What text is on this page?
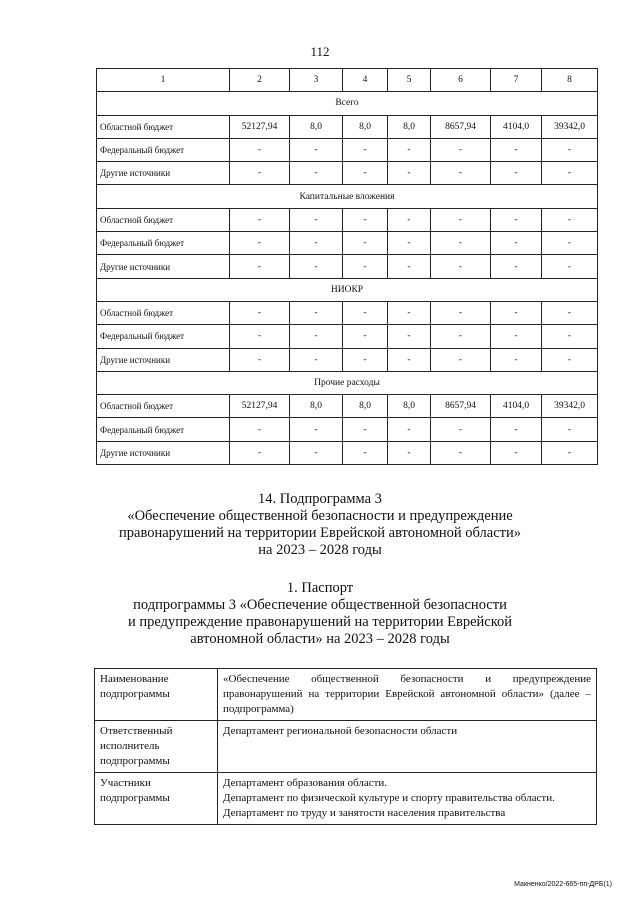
112
1	2	3	4	5	6	7	8
Всего							
Областной бюджет	52127,94	8,0	8,0	8,0	8657,94	4104,0	39342,0
Федеральный бюджет	-	-	-	-	-	-	-
Другие источники	-	-	-	-	-	-	-
Капитальные вложения							
Областной бюджет	-	-	-	-	-	-	-
Федеральный бюджет	-	-	-	-	-	-	-
Другие источники	-	-	-	-	-	-	-
НИОКР							
Областной бюджет	-	-	-	-	-	-	-
Федеральный бюджет	-	-	-	-	-	-	-
Другие источники	-	-	-	-	-	-	-
Прочие расходы							
Областной бюджет	52127,94	8,0	8,0	8,0	8657,94	4104,0	39342,0
Федеральный бюджет	-	-	-	-	-	-	-
Другие источники	-	-	-	-	-	-	-
14. Подпрограмма 3
«Обеспечение общественной безопасности и предупреждение
правонарушений на территории Еврейской автономной области»
на 2023 – 2028 годы
1. Паспорт
подпрограммы 3 «Обеспечение общественной безопасности
и предупреждение правонарушений на территории Еврейской
автономной области» на 2023 – 2028 годы
Наименование подпрограммы	«Обеспечение общественной безопасности и предупреждение правонарушений на территории Еврейской автономной области» (далее – подпрограмма)

Ответственный исполнитель подпрограммы	Департамент региональной безопасности области

Участники подпрограммы	Департамент образования области.
Департамент по физической культуре и спорту правительства области.
Департамент по труду и занятости населения правительства
Макненко/2022-665-пп-ДРБ(1)
